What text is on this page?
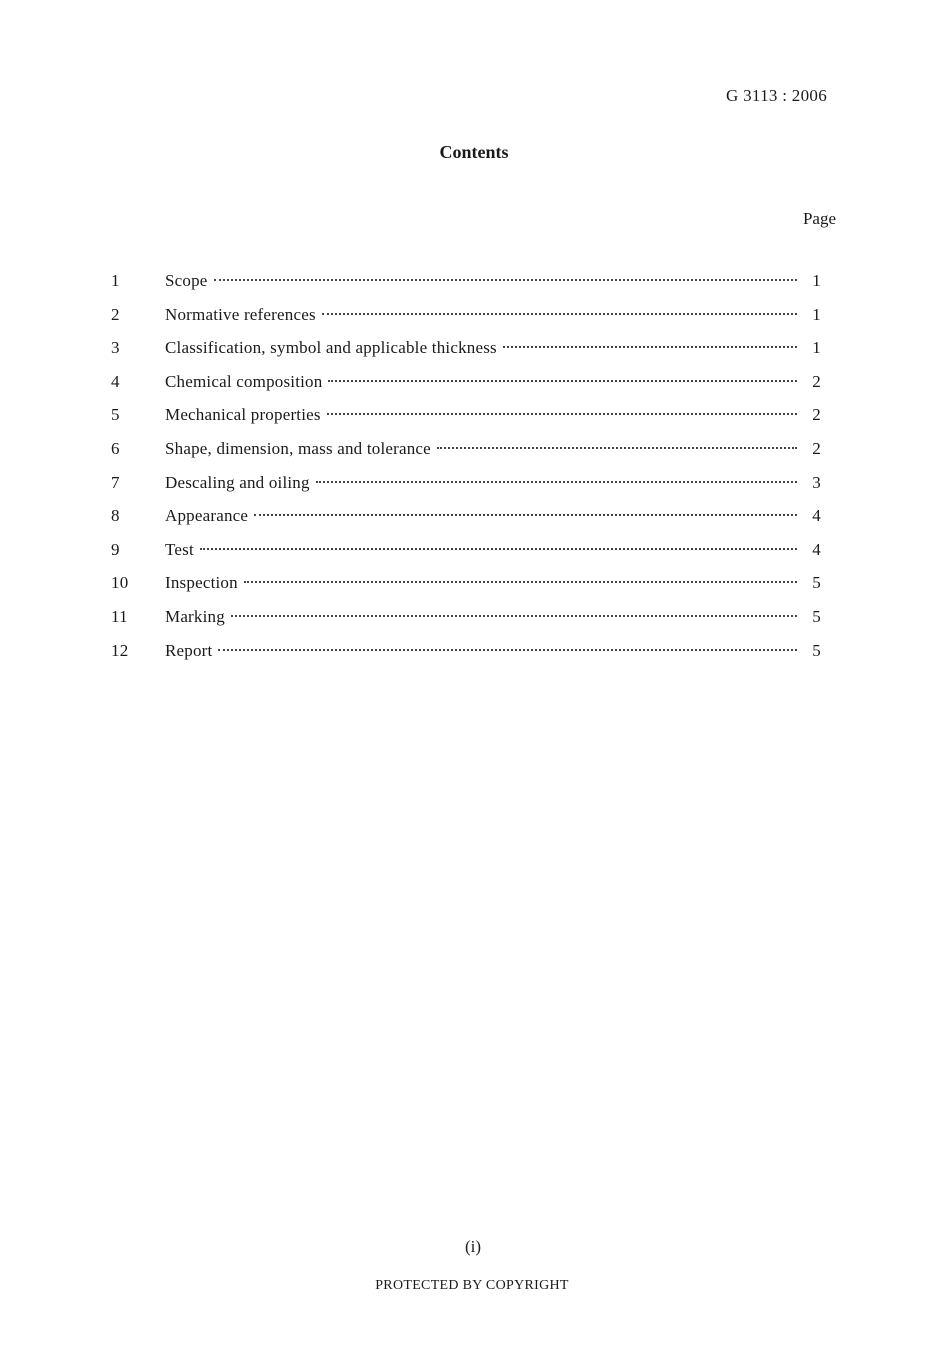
G 3113 : 2006
Contents
Page
1	Scope	1
2	Normative references	1
3	Classification, symbol and applicable thickness	1
4	Chemical composition	2
5	Mechanical properties	2
6	Shape, dimension, mass and tolerance	2
7	Descaling and oiling	3
8	Appearance	4
9	Test	4
10	Inspection	5
11	Marking	5
12	Report	5
(i)
PROTECTED BY COPYRIGHT
